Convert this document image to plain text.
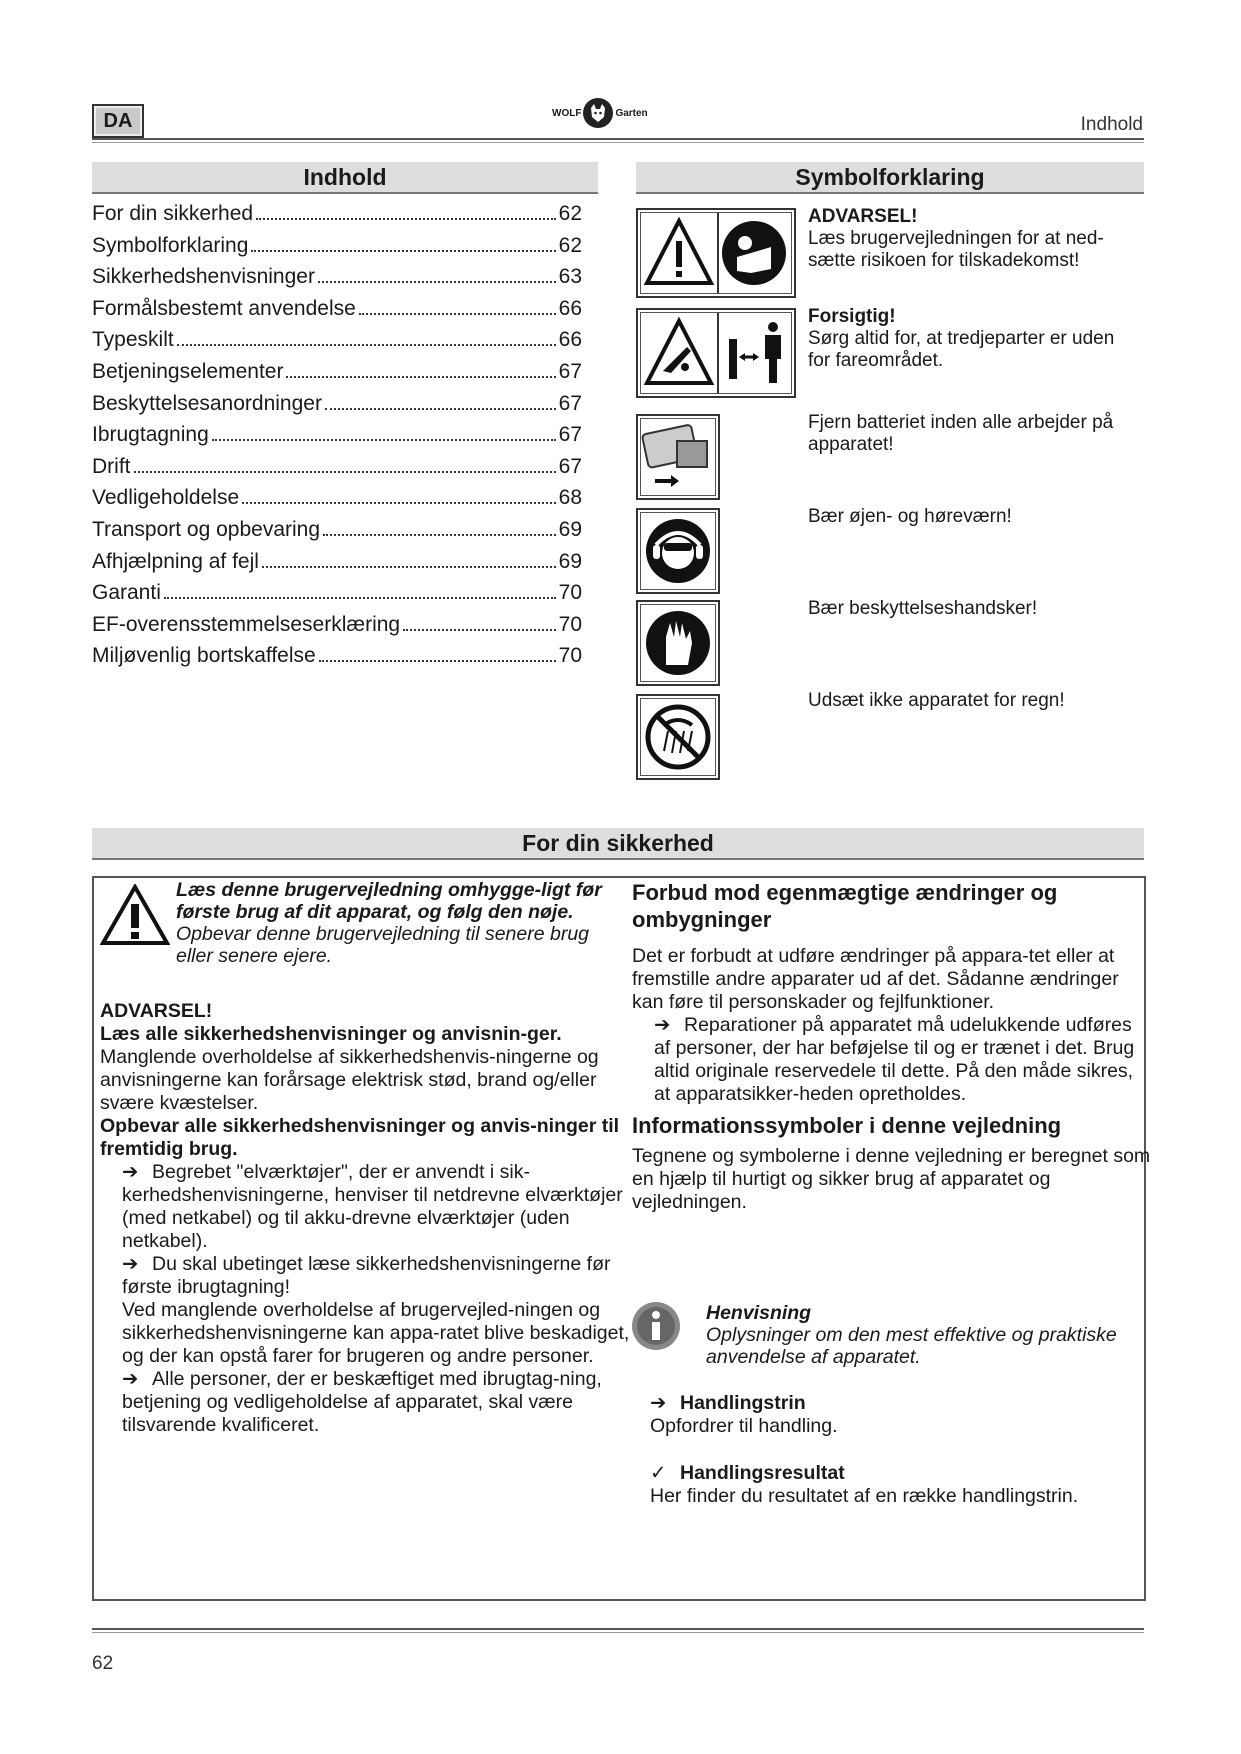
DA	WOLF	Garten
Indhold
Indhold
For din sikkerhed	62
Symbolforklaring	62
Sikkerhedshenvisninger	63
Formålsbestemt anvendelse	66
Typeskilt	66
Betjeningselementer	67
Beskyttelsesanordninger	67
Ibrugtagning	67
Drift	67
Vedligeholdelse	68
Transport og opbevaring	69
Afhjælpning af fejl	69
Garanti	70
EF-overensstemmelseserklæring	70
Miljøvenlig bortskaffelse	70
Symbolforklaring
ADVARSEL!
Læs brugervejledningen for at ned-sætte risikoen for tilskadekomst!
Forsigtig!
Sørg altid for, at tredjeparter er uden for fareområdet.
Fjern batteriet inden alle arbejder på apparatet!
Bær øjen- og høreværn!
Bær beskyttelseshandsker!
Udsæt ikke apparatet for regn!
For din sikkerhed
Læs denne brugervejledning omhygge-ligt før første brug af dit apparat, og følg den nøje. Opbevar denne brugervejledning til senere brug eller senere ejere.
ADVARSEL!
Læs alle sikkerhedshenvisninger og anvisnin-ger. Manglende overholdelse af sikkerhedshenvis-ningerne og anvisningerne kan forårsage elektrisk stød, brand og/eller svære kvæstelser.
Opbevar alle sikkerhedshenvisninger og anvis-ninger til fremtidig brug.
➔ Begrebet "elværktøjer", der er anvendt i sik-kerhedshenvisningerne, henviser til netdrevne elværktøjer (med netkabel) og til akku-drevne elværktøjer (uden netkabel).
➔ Du skal ubetinget læse sikkerhedshenvisningerne før første ibrugtagning!
Ved manglende overholdelse af brugervejled-ningen og sikkerhedshenvisningerne kan appa-ratet blive beskadiget, og der kan opstå farer for brugeren og andre personer.
➔ Alle personer, der er beskæftiget med ibrugtag-ning, betjening og vedligeholdelse af apparatet, skal være tilsvarende kvalificeret.
Forbud mod egenmægtige ændringer og ombygninger
Det er forbudt at udføre ændringer på appara-tet eller at fremstille andre apparater ud af det. Sådanne ændringer kan føre til personskader og fejlfunktioner.
➔ Reparationer på apparatet må udelukkende udføres af personer, der har beføjelse til og er trænet i det. Brug altid originale reservedele til dette. På den måde sikres, at apparatsikker-heden opretholdes.
Informationssymboler i denne vejledning
Tegnene og symbolerne i denne vejledning er beregnet som en hjælp til hurtigt og sikker brug af apparatet og vejledningen.
Henvisning
Oplysninger om den mest effektive og praktiske anvendelse af apparatet.
➔ Handlingstrin
Opfordrer til handling.
✓ Handlingsresultat
Her finder du resultatet af en række handlingstrin.
62
